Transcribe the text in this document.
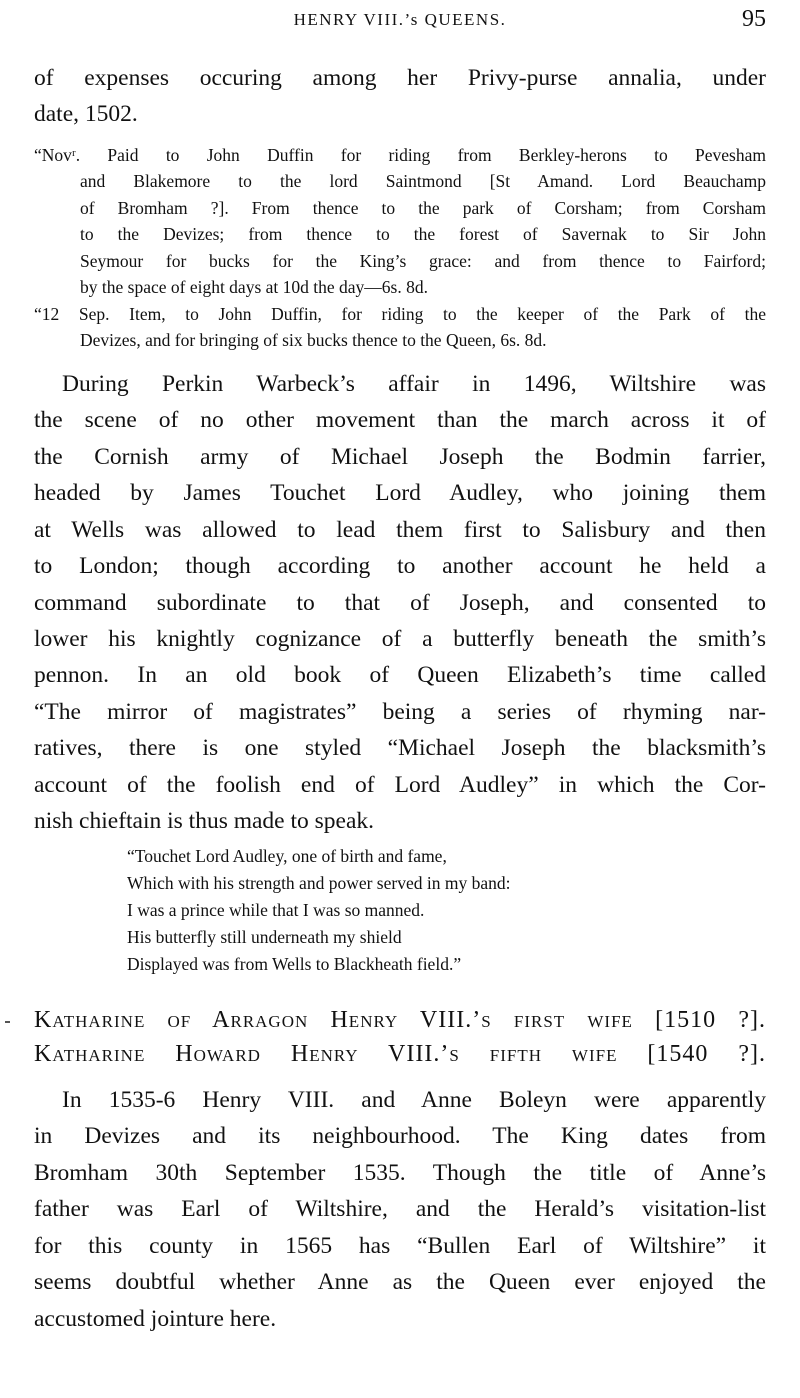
HENRY VIII.’s QUEENS.	95
of expenses occuring among her Privy-purse annalia, under
date, 1502.
“Novʳ. Paid to John Duffin for riding from Berkley-herons to Pevesham
and Blakemore to the lord Saintmond [St Amand. Lord Beauchamp
of Bromham ?]. From thence to the park of Corsham; from Corsham
to the Devizes; from thence to the forest of Savernak to Sir John
Seymour for bucks for the King’s grace: and from thence to Fairford;
by the space of eight days at 10d the day—6s. 8d.
“12 Sep. Item, to John Duffin, for riding to the keeper of the Park of the
Devizes, and for bringing of six bucks thence to the Queen, 6s. 8d.
During Perkin Warbeck’s affair in 1496, Wiltshire was
the scene of no other movement than the march across it of
the Cornish army of Michael Joseph the Bodmin farrier,
headed by James Touchet Lord Audley, who joining them
at Wells was allowed to lead them first to Salisbury and then
to London; though according to another account he held a
command subordinate to that of Joseph, and consented to
lower his knightly cognizance of a butterfly beneath the smith’s
pennon. In an old book of Queen Elizabeth’s time called
“The mirror of magistrates” being a series of rhyming nar-
ratives, there is one styled “Michael Joseph the blacksmith’s
account of the foolish end of Lord Audley” in which the Cor-
nish chieftain is thus made to speak.
“Touchet Lord Audley, one of birth and fame,
Which with his strength and power served in my band:
I was a prince while that I was so manned.
His butterfly still underneath my shield
Displayed was from Wells to Blackheath field.”
Katharine of Arragon Henry VIII.’s first wife [1510 ?].
Katharine Howard Henry VIII.’s fifth wife [1540 ?].
In 1535-6 Henry VIII. and Anne Boleyn were apparently
in Devizes and its neighbourhood. The King dates from
Bromham 30th September 1535. Though the title of Anne’s
father was Earl of Wiltshire, and the Herald’s visitation-list
for this county in 1565 has “Bullen Earl of Wiltshire” it
seems doubtful whether Anne as the Queen ever enjoyed the
accustomed jointure here.
